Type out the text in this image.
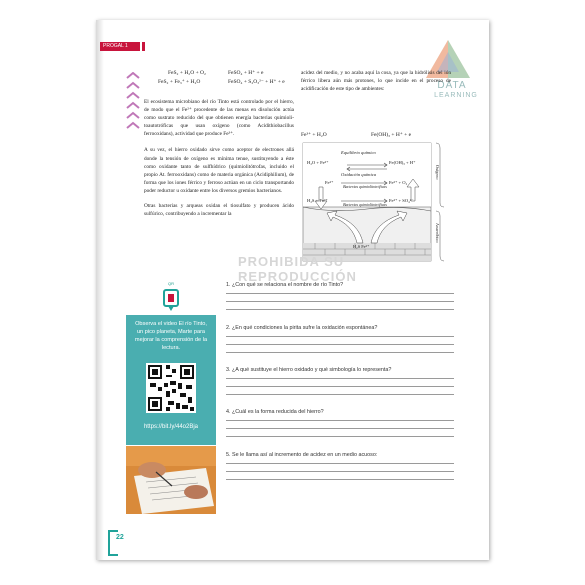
PROGAL 1
DATA
LEARNING
FeS₂ + H₂O + O₂	FeSO₄ + H⁺ + e
FeS₂ + Fe₃⁺ + H₂O	FeSO₄ + S₂O₃²⁻ + H⁺ + e

El ecosistema microbiano del río Tinto está controlado por el hierro, de modo que el Fe²⁺ procedente de las menas en disolución actúa como sustrato reducido del que obtienen energía bacterias quimioli- toautotróficas que usan oxígeno (como Acidithiobacillus ferrooxidans), actividad que produce Fe³⁺.

A su vez, el hierro oxidado sirve como aceptor de electrones allá donde la tensión de oxígeno es mínima tenue, sustituyendo a éste como oxidante tanto de sulfhídrico (quimiolitótrofas, incluido el propio At. ferrooxidans) como de materia orgánica (Acidiphilium), de forma que los iones férrico y ferroso actúan en un ciclo transportando poder reductor u oxidante entre los diversos gremios bacterianos.

Otras bacterias y arqueas oxidan el tiosulfato y producen ácido sulfúrico, contribuyendo a incrementar la

acidez del medio, y no acaba aquí la cosa, ya que la hidrólisis del ión férrico libera aún más protones, lo que incide en el proceso de acidificación de este tipo de ambientes:

Fe³⁺ + H₂O	Fe(OH)₃ + H⁺ + e
Equilibrio químico
H₂O + Fe³⁺	Fe(OH)₃ + H⁺
Oxidación química
Fe²⁺	Fe³⁺ + O₂
Bacterias quimiolitotróficas
H₂S + Fe³⁺	Fe²⁺ + SO₄²⁻
Bacterias quimiolitotróficas
H₂S Fe²⁺
Oxígeno
Anaeróbico
PROHIBIDA SU
REPRODUCCIÓN
QR
Observa el video El río Tinto, un pico planeta, Marte para mejorar la comprensión de la lectura.
https://bit.ly/44o2Bja
1. ¿Con qué se relaciona el nombre de río Tinto?
2. ¿En qué condiciones la pirita sufre la oxidación espontánea?
3. ¿A qué sustituye el hierro oxidado y qué simbología lo representa?
4. ¿Cuál es la forma reducida del hierro?
5. Se le llama así al incremento de acidez en un medio acuoso:
22
